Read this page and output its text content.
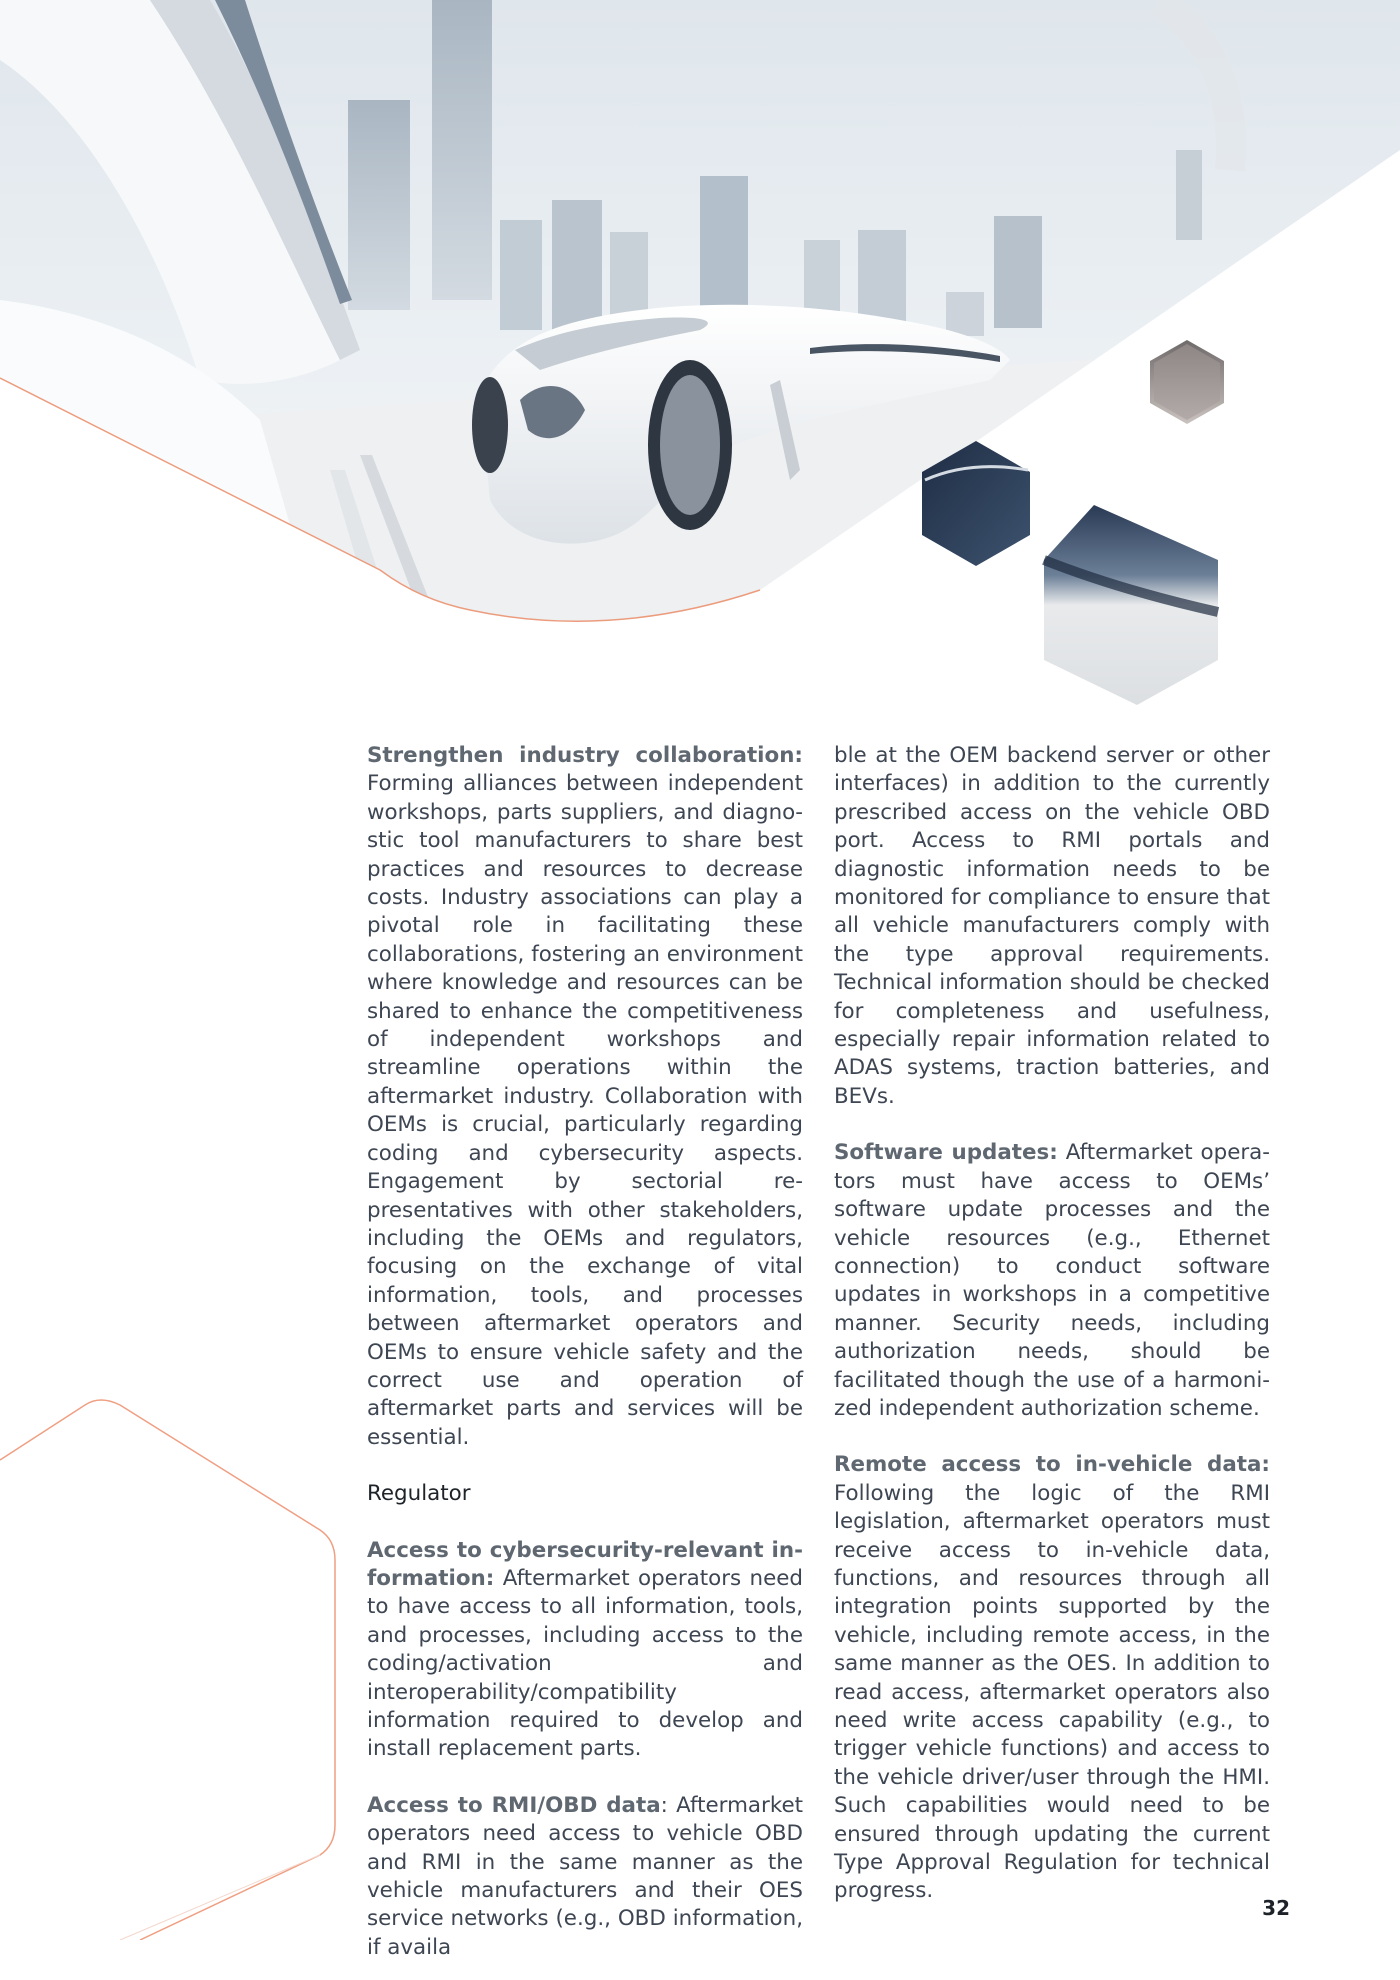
Strengthen industry collaboration: Forming alliances between independent workshops, parts suppliers, and diagnostic tool manufacturers to share best practices and resources to decrease costs. Industry associations can play a pivotal role in facilitating these collaborations, fostering an environment where knowledge and resources can be shared to enhance the competitiveness of independent workshops and streamline operations within the aftermarket industry. Collaboration with OEMs is crucial, particularly regarding coding and cybersecurity aspects. Engagement by sectorial representatives with other stakeholders, including the OEMs and regulators, focusing on the exchange of vital information, tools, and processes between aftermarket operators and OEMs to ensure vehicle safety and the correct use and operation of aftermarket parts and services will be essential.

Regulator

Access to cybersecurity-relevant information: Aftermarket operators need to have access to all information, tools, and processes, including access to the coding/activation and interoperability/compatibility information required to develop and install replacement parts.

Access to RMI/OBD data: Aftermarket operators need access to vehicle OBD and RMI in the same manner as the vehicle manufacturers and their OES service networks (e.g., OBD information, if availa

ble at the OEM backend server or other interfaces) in addition to the currently prescribed access on the vehicle OBD port. Access to RMI portals and diagnostic information needs to be monitored for compliance to ensure that all vehicle manufacturers comply with the type approval requirements. Technical information should be checked for completeness and usefulness, especially repair information related to ADAS systems, traction batteries, and BEVs.

Software updates: Aftermarket operators must have access to OEMs’ software update processes and the vehicle resources (e.g., Ethernet connection) to conduct software updates in workshops in a competitive manner. Security needs, including authorization needs, should be facilitated though the use of a harmonized independent authorization scheme.

Remote access to in-vehicle data: Following the logic of the RMI legislation, aftermarket operators must receive access to in-vehicle data, functions, and resources through all integration points supported by the vehicle, including remote access, in the same manner as the OES. In addition to read access, aftermarket operators also need write access capability (e.g., to trigger vehicle functions) and access to the vehicle driver/user through the HMI. Such capabilities would need to be ensured through updating the current Type Approval Regulation for technical progress.

32
